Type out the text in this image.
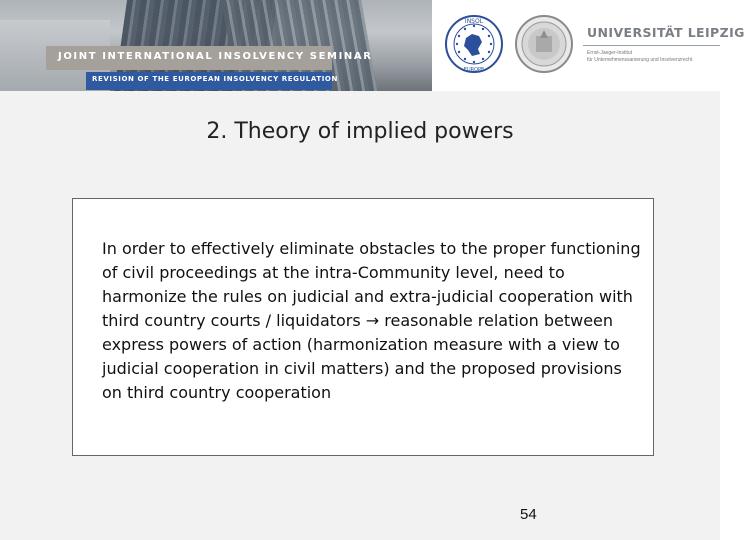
JOINT INTERNATIONAL INSOLVENCY SEMINAR
REVISION OF THE EUROPEAN INSOLVENCY REGULATION
INSOL
EUROPE
UNIVERSITÄT LEIPZIG
Ernst-Jaeger-Institut
für Unternehmenssanierung und Insolvenzrecht
2. Theory of implied powers
In order to effectively eliminate obstacles to the proper functioning of civil proceedings at the intra-Community level, need to harmonize the rules on judicial and extra-judicial cooperation with third country courts / liquidators → reasonable relation between express powers of action (harmonization measure with a view to judicial cooperation in civil matters) and the proposed provisions on third country cooperation
54
